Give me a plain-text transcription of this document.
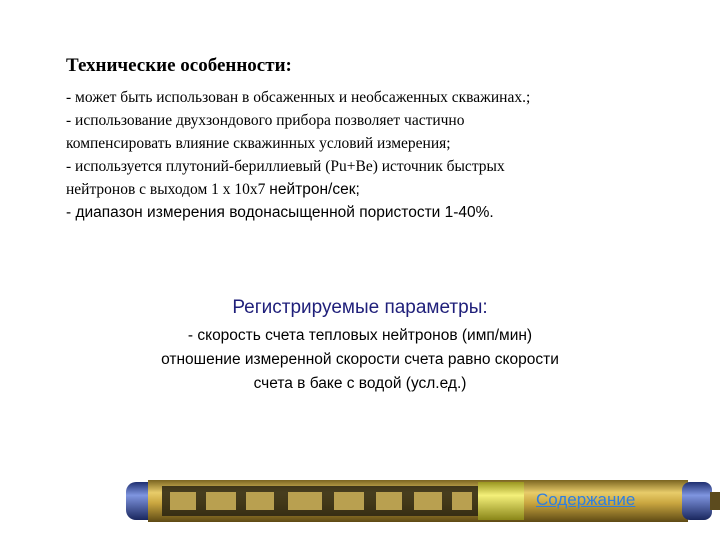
Технические особенности:

- может быть использован в обсаженных и необсаженных скважинах.;
- использование двухзондового прибора позволяет частично
компенсировать влияние скважинных условий измерения;
- используется плутоний-бериллиевый (Pu+Be) источник быстрых
нейтронов с выходом 1 х 10х7 нейтрон/сек;

- диапазон измерения водонасыщенной пористости 1-40%.

Регистрируемые параметры:

- скорость счета тепловых нейтронов (имп/мин)
отношение измеренной скорости счета равно скорости
счета в баке с водой (усл.ед.)

Содержание
